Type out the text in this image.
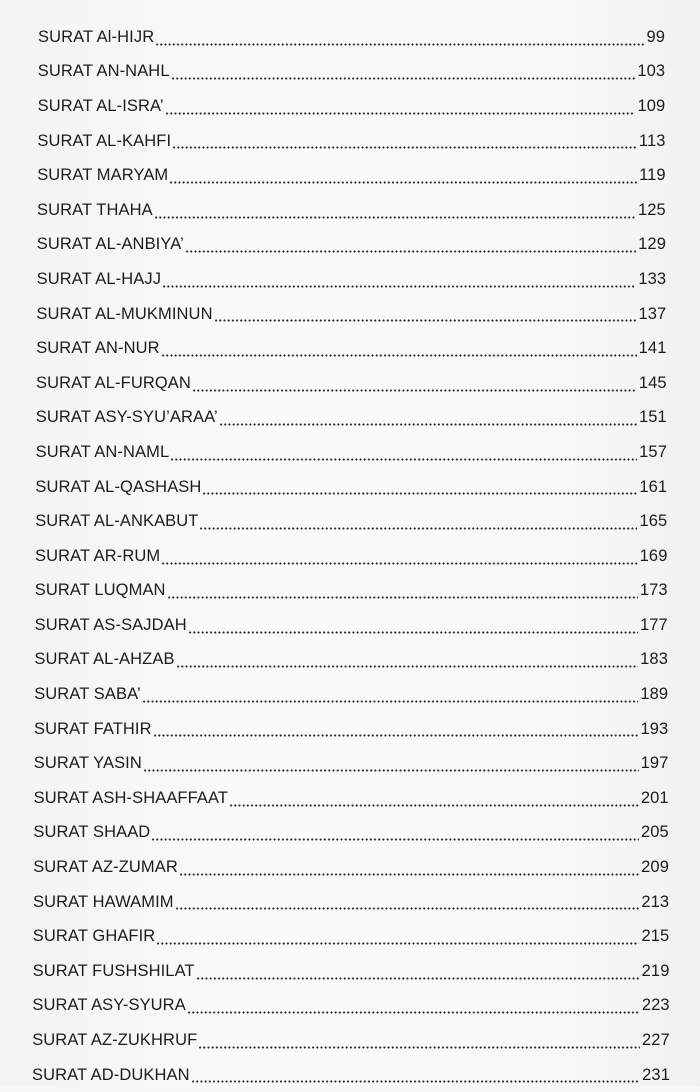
SURAT Al-HIJR	99
SURAT AN-NAHL	103
SURAT AL-ISRA’	109
SURAT AL-KAHFI	113
SURAT MARYAM	119
SURAT THAHA	125
SURAT AL-ANBIYA’	129
SURAT AL-HAJJ	133
SURAT AL-MUKMINUN	137
SURAT AN-NUR	141
SURAT AL-FURQAN	145
SURAT ASY-SYU’ARAA’	151
SURAT AN-NAML	157
SURAT AL-QASHASH	161
SURAT AL-ANKABUT	165
SURAT AR-RUM	169
SURAT LUQMAN	173
SURAT AS-SAJDAH	177
SURAT AL-AHZAB	183
SURAT SABA’	189
SURAT FATHIR	193
SURAT YASIN	197
SURAT ASH-SHAAFFAAT	201
SURAT SHAAD	205
SURAT AZ-ZUMAR	209
SURAT HAWAMIM	213
SURAT GHAFIR	215
SURAT FUSHSHILAT	219
SURAT ASY-SYURA	223
SURAT AZ-ZUKHRUF	227
SURAT AD-DUKHAN	231
